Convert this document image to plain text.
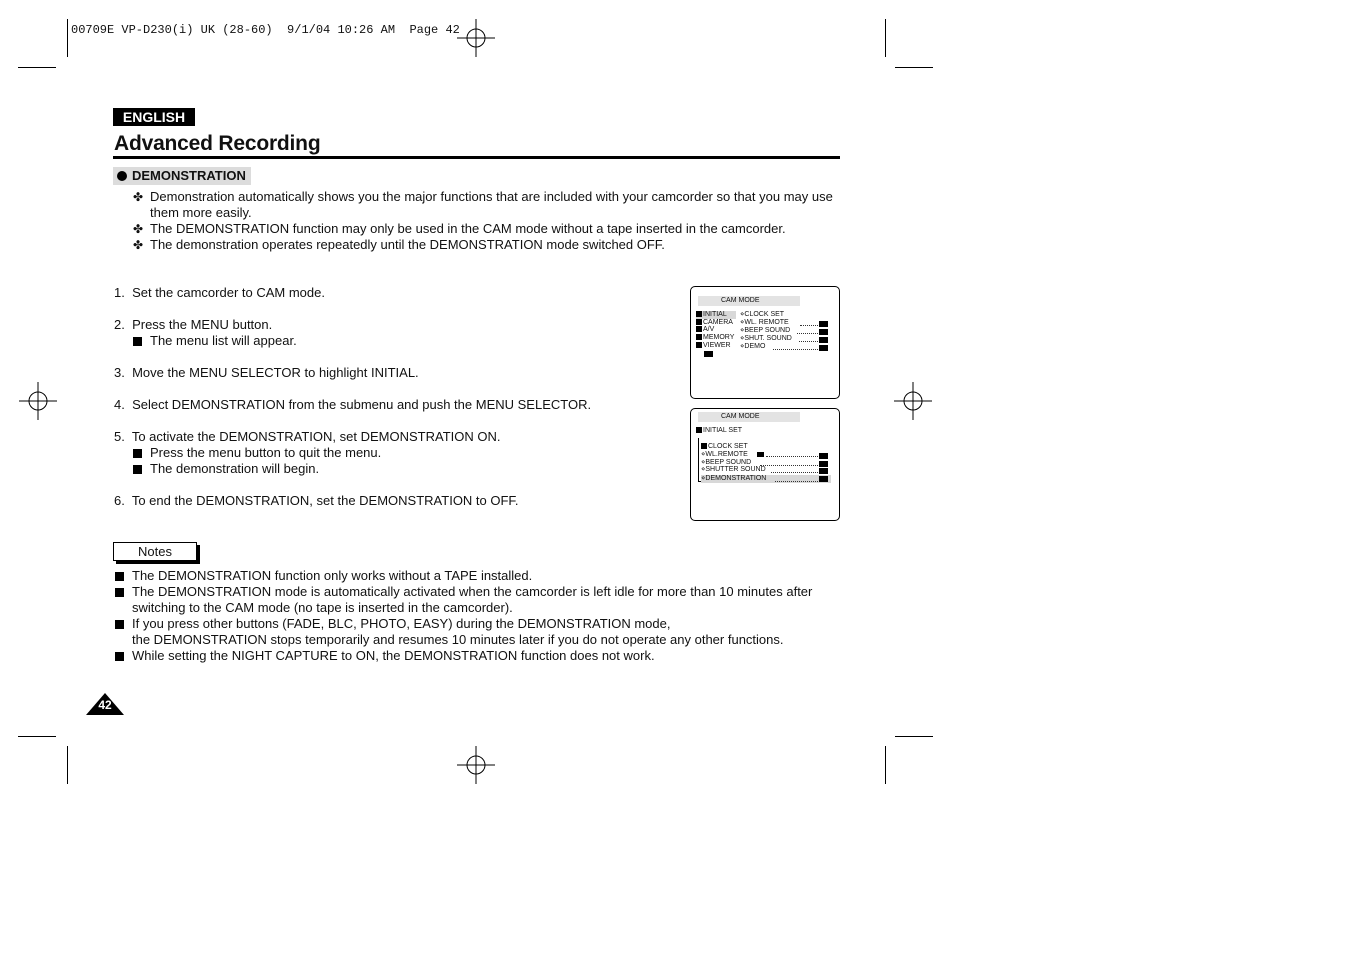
00709E VP-D230(i) UK (28-60)  9/1/04 10:26 AM  Page 42
ENGLISH
Advanced Recording
DEMONSTRATION
✤ Demonstration automatically shows you the major functions that are included with your camcorder so that you may use
them more easily.
✤ The DEMONSTRATION function may only be used in the CAM mode without a tape inserted in the camcorder.
✤ The demonstration operates repeatedly until the DEMONSTRATION mode switched OFF.
1.  Set the camcorder to CAM mode.
2.  Press the MENU button.
The menu list will appear.
3.  Move the MENU SELECTOR to highlight INITIAL.
4.  Select DEMONSTRATION from the submenu and push the MENU SELECTOR.
5.  To activate the DEMONSTRATION, set DEMONSTRATION ON.
Press the menu button to quit the menu.
The demonstration will begin.
6.  To end the DEMONSTRATION, set the DEMONSTRATION to OFF.
CAM MODE
INITIAL
CAMERA
A/V
MEMORY
VIEWER
⋄CLOCK SET
⋄WL. REMOTE
⋄BEEP SOUND
⋄SHUT. SOUND
⋄DEMO
CAM MODE
INITIAL SET
CLOCK SET
⋄WL.REMOTE
⋄BEEP SOUND
⋄SHUTTER SOUND
⋄DEMONSTRATION
Notes
The DEMONSTRATION function only works without a TAPE installed.
The DEMONSTRATION mode is automatically activated when the camcorder is left idle for more than 10 minutes after
switching to the CAM mode (no tape is inserted in the camcorder).
If you press other buttons (FADE, BLC, PHOTO, EASY) during the DEMONSTRATION mode,
the DEMONSTRATION stops temporarily and resumes 10 minutes later if you do not operate any other functions.
While setting the NIGHT CAPTURE to ON, the DEMONSTRATION function does not work.
42
